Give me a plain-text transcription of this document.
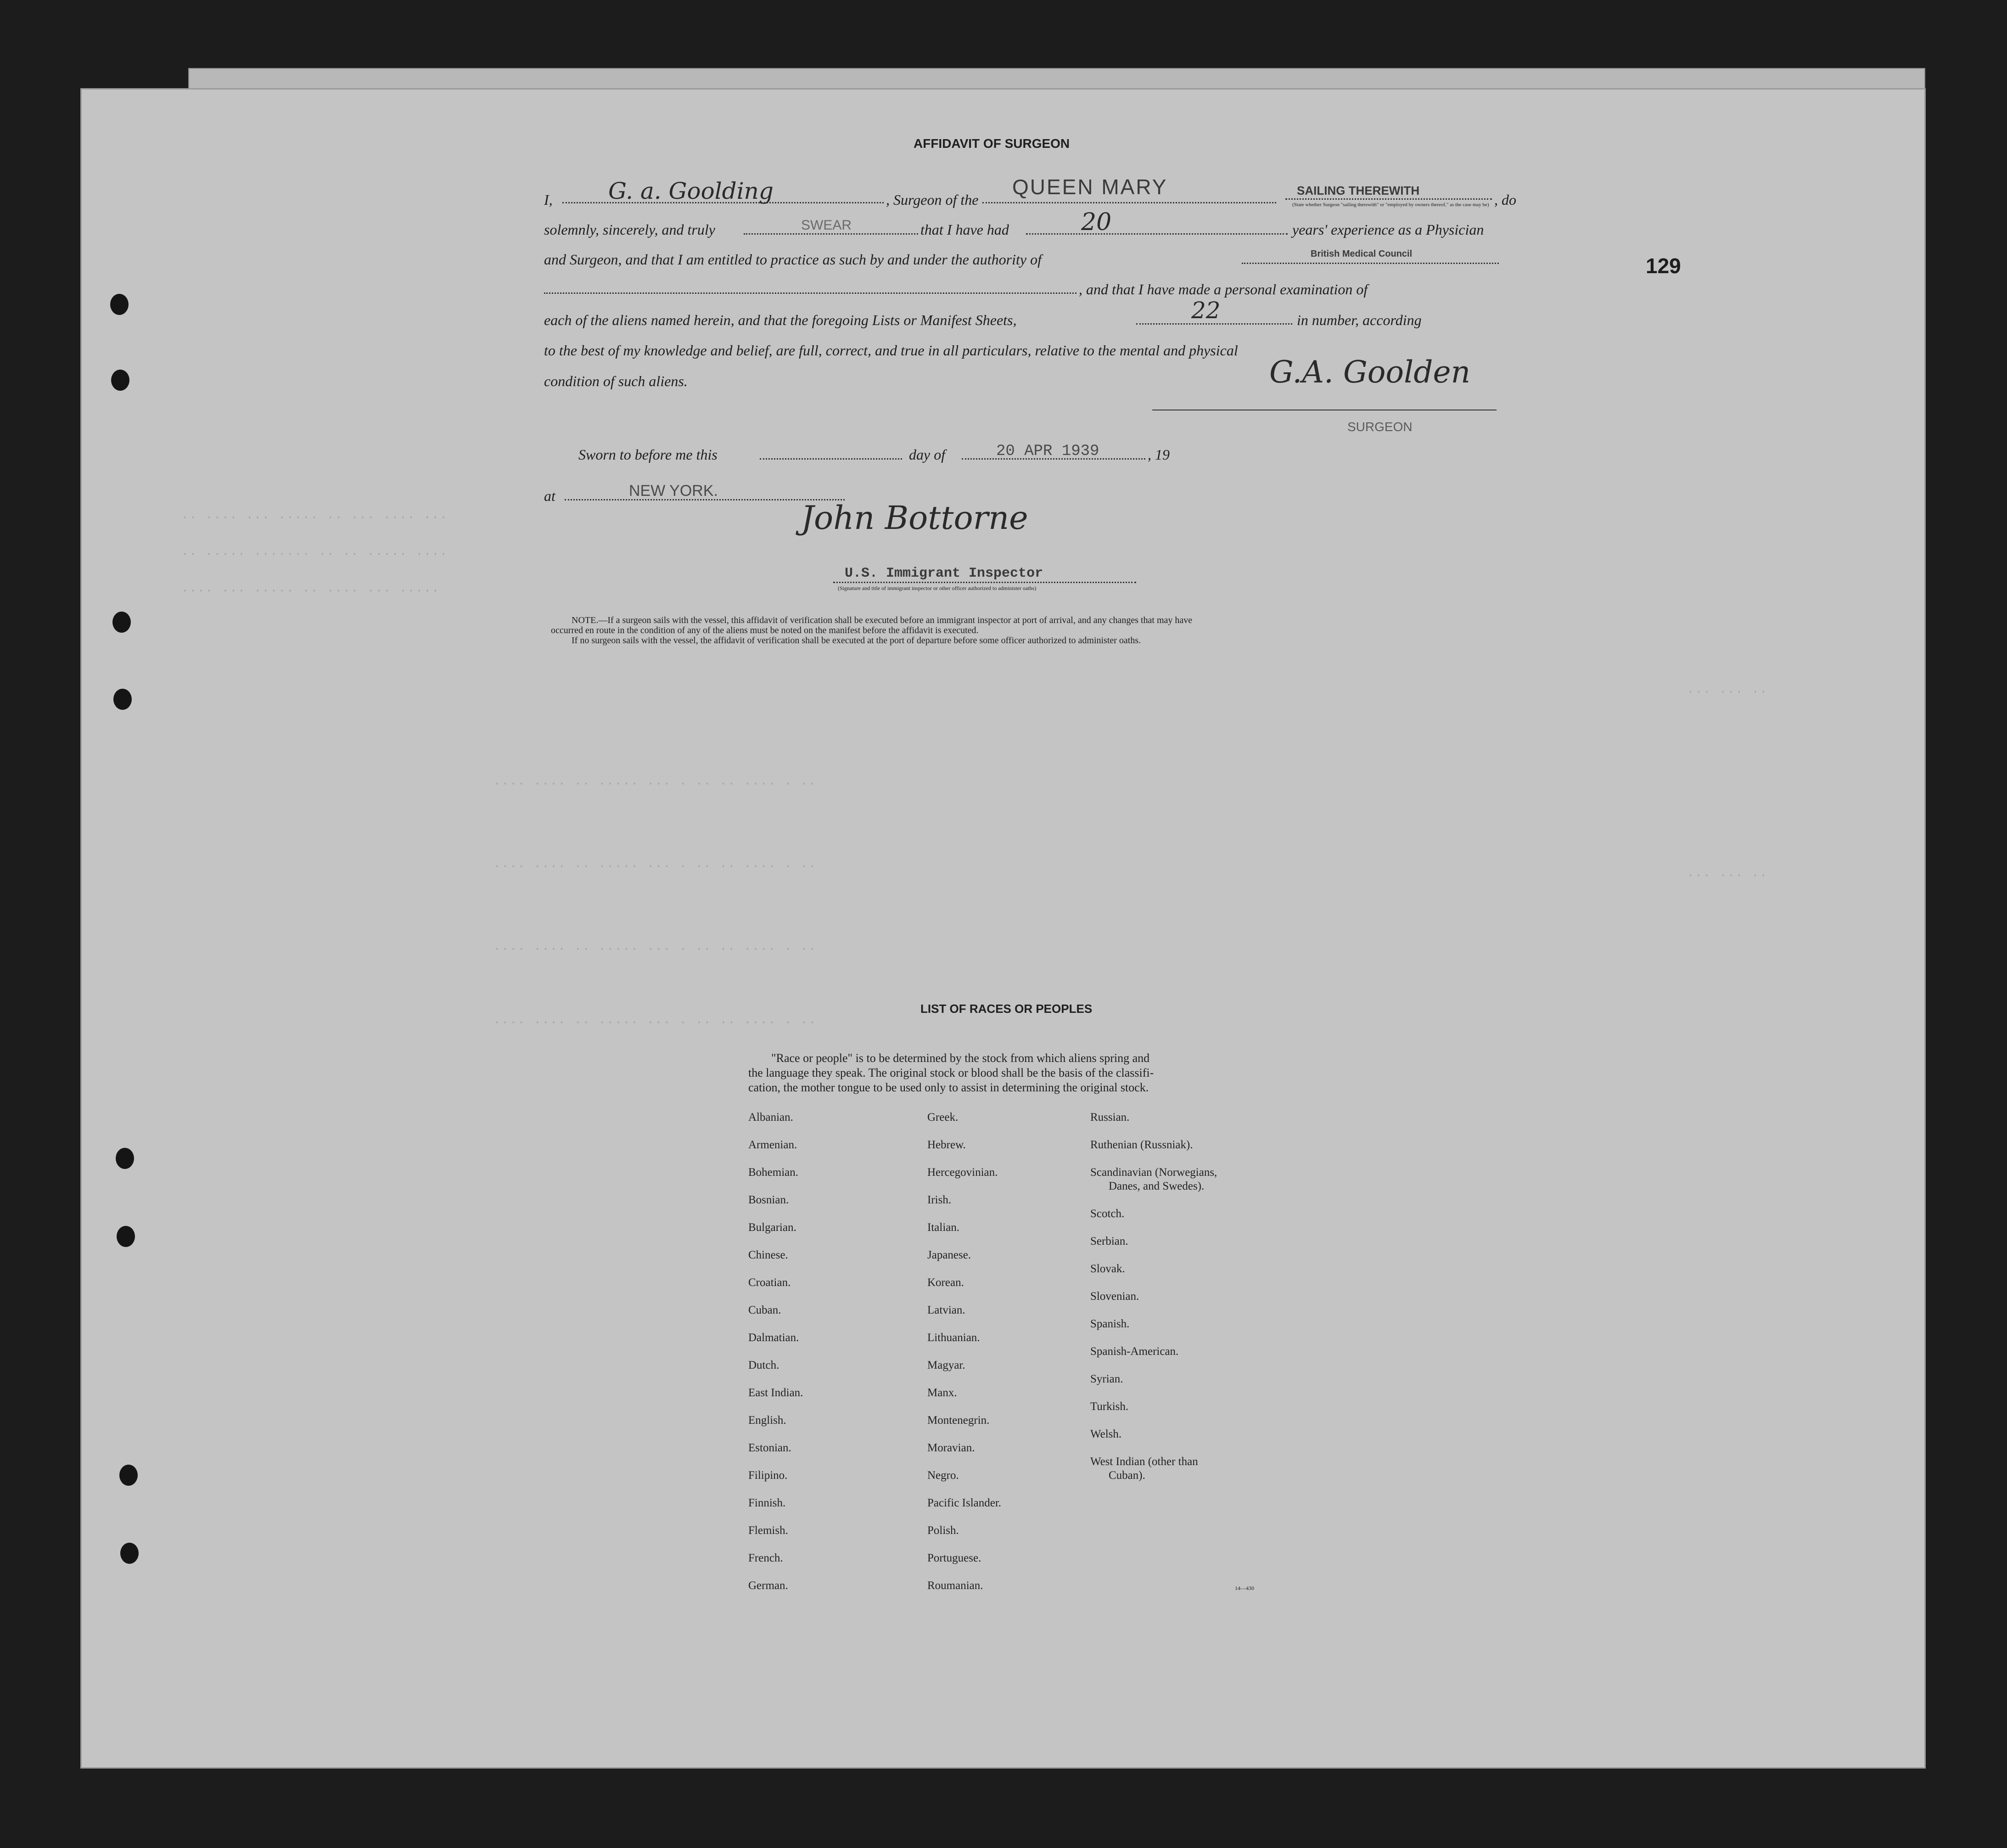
·· ···· ··· ····· ·· ··· ···· ···
·· ····· ······· ·· ·· ····· ····
···· ··· ····· ·· ···· ··· ·····
···· ···· ·· ····· ··· · ·· ·· ···· · ··
···· ···· ·· ····· ··· · ·· ·· ···· · ··
···· ···· ·· ····· ··· · ·· ·· ···· · ··
···· ···· ·· ····· ··· · ·· ·· ···· · ··
··· ··· ··
··· ··· ··
AFFIDAVIT OF SURGEON
129
I, G. a. Goolding	, Surgeon of the
QUEEN MARY	SAILING THEREWITH
(State whether Surgeon "sailing therewith" or "employed by owners thereof," as the case may be) , do
solemnly, sincerely, and truly	SWEAR	that I have had	20	years' experience as a Physician
and Surgeon, and that I am entitled to practice as such by and under the authority of	British Medical Council
, and that I have made a personal examination of
each of the aliens named herein, and that the foregoing Lists or Manifest Sheets,	22	in number, according
to the best of my knowledge and belief, are full, correct, and true in all particulars, relative to the mental and physical
condition of such aliens.	G.A. Goolden
SURGEON
Sworn to before me this	day of	20 APR 1939	, 19
at	NEW YORK.
John Bottorne
U.S. Immigrant Inspector
(Signature and title of immigrant inspector or other officer authorized to administer oaths)
NOTE.—If a surgeon sails with the vessel, this affidavit of verification shall be executed before an immigrant inspector at port of arrival, and any changes that may have
occurred en route in the condition of any of the aliens must be noted on the manifest before the affidavit is executed.
If no surgeon sails with the vessel, the affidavit of verification shall be executed at the port of departure before some officer authorized to administer oaths.
LIST OF RACES OR PEOPLES
"Race or people" is to be determined by the stock from which aliens spring and
the language they speak. The original stock or blood shall be the basis of the classifi-
cation, the mother tongue to be used only to assist in determining the original stock.
Albanian.
Armenian.
Bohemian.
Bosnian.
Bulgarian.
Chinese.
Croatian.
Cuban.
Dalmatian.
Dutch.
East Indian.
English.
Estonian.
Filipino.
Finnish.
Flemish.
French.
German.
Greek.
Hebrew.
Hercegovinian.
Irish.
Italian.
Japanese.
Korean.
Latvian.
Lithuanian.
Magyar.
Manx.
Montenegrin.
Moravian.
Negro.
Pacific Islander.
Polish.
Portuguese.
Roumanian.
Russian.
Ruthenian (Russniak).
Scandinavian (Norwegians,
Danes, and Swedes).
Scotch.
Serbian.
Slovak.
Slovenian.
Spanish.
Spanish-American.
Syrian.
Turkish.
Welsh.
West Indian (other than
Cuban).
14—430
